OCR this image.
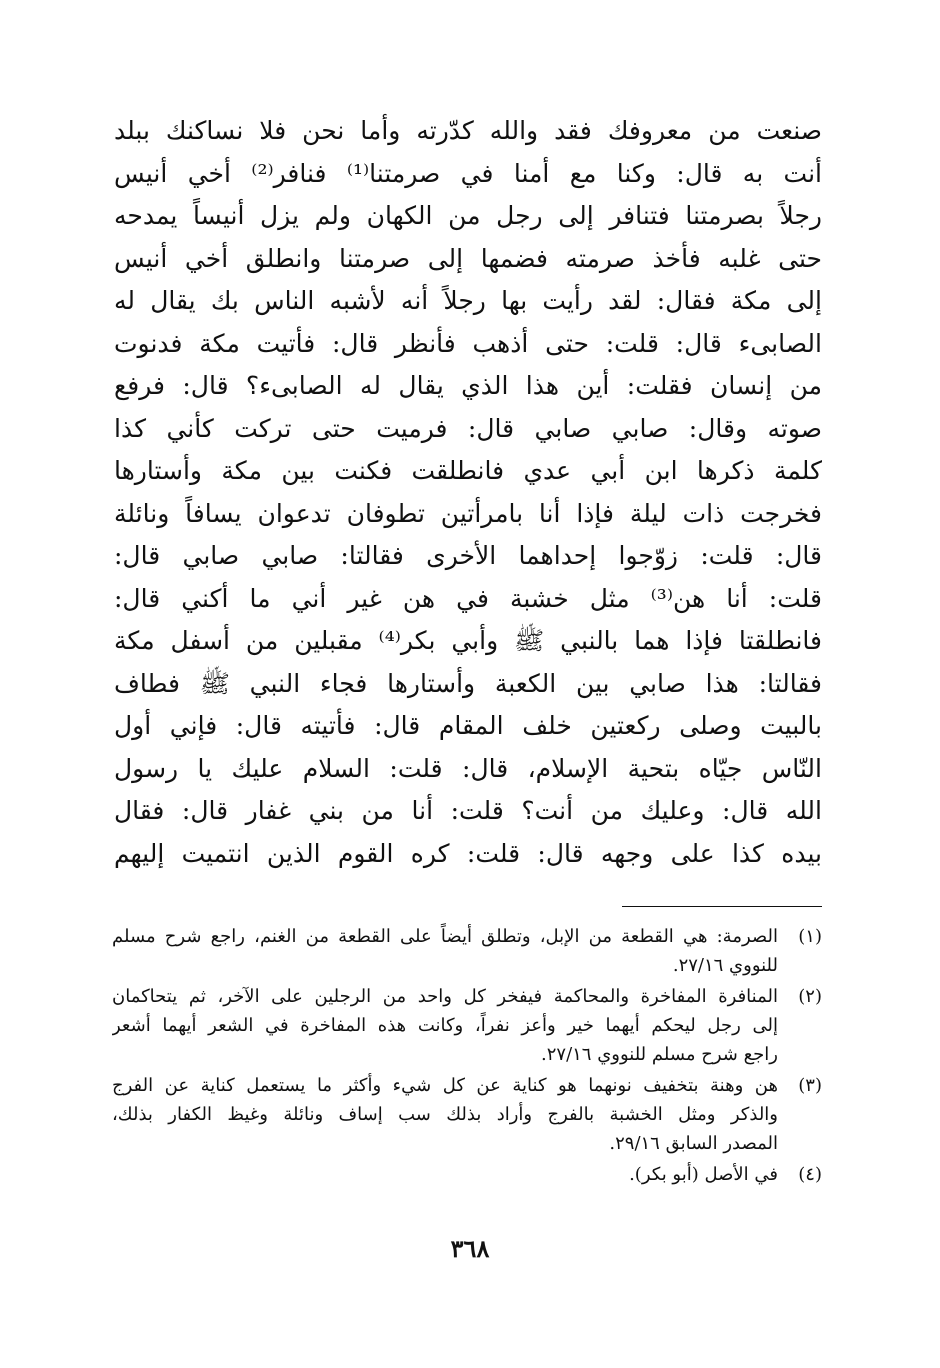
صنعت من معروفك فقد والله كدّرته وأما نحن فلا نساكنك ببلد
أنت به قال: وكنا مع أمنا في صرمتنا⁽¹⁾ فنافر⁽²⁾ أخي أنيس
رجلاً بصرمتنا فتنافر إلى رجل من الكهان ولم يزل أنيساً يمدحه
حتى غلبه فأخذ صرمته فضمها إلى صرمتنا وانطلق أخي أنيس
إلى مكة فقال: لقد رأيت بها رجلاً أنه لأشبه الناس بك يقال له
الصابىء قال: قلت: حتى أذهب فأنظر قال: فأتيت مكة فدنوت
من إنسان فقلت: أين هذا الذي يقال له الصابىء؟ قال: فرفع
صوته وقال: صابي صابي قال: فرميت حتى تركت كأني كذا
كلمة ذكرها ابن أبي عدي فانطلقت فكنت بين مكة وأستارها
فخرجت ذات ليلة فإذا أنا بامرأتين تطوفان تدعوان يسافاً ونائلة
قال: قلت: زوّجوا إحداهما الأخرى فقالتا: صابي صابي قال:
قلت: أنا هن⁽³⁾ مثل خشبة في هن غير أني ما أكني قال:
فانطلقتا فإذا هما بالنبي ﷺ وأبي بكر⁽⁴⁾ مقبلين من أسفل مكة
فقالتا: هذا صابي بين الكعبة وأستارها فجاء النبي ﷺ فطاف
بالبيت وصلى ركعتين خلف المقام قال: فأتيته قال: فإني أول
النّاس جيّاه بتحية الإسلام، قال: قلت: السلام عليك يا رسول
الله قال: وعليك من أنت؟ قلت: أنا من بني غفار قال: فقال
بيده كذا على وجهه قال: قلت: كره القوم الذين انتميت إليهم
(١)
الصرمة: هي القطعة من الإبل، وتطلق أيضاً على القطعة من الغنم، راجع شرح مسلم
للنووي ٢٧/١٦.
(٢)
المنافرة المفاخرة والمحاكمة فيفخر كل واحد من الرجلين على الآخر، ثم يتحاكمان
إلى رجل ليحكم أيهما خير وأعز نفراً، وكانت هذه المفاخرة في الشعر أيهما أشعر
راجع شرح مسلم للنووي ٢٧/١٦.
(٣)
هن وهنة بتخفيف نونهما هو كناية عن كل شيء وأكثر ما يستعمل كناية عن الفرج
والذكر ومثل الخشبة بالفرج وأراد بذلك سب إساف ونائلة وغيظ الكفار بذلك،
المصدر السابق ٢٩/١٦.
(٤)
في الأصل (أبو بكر).
٣٦٨
